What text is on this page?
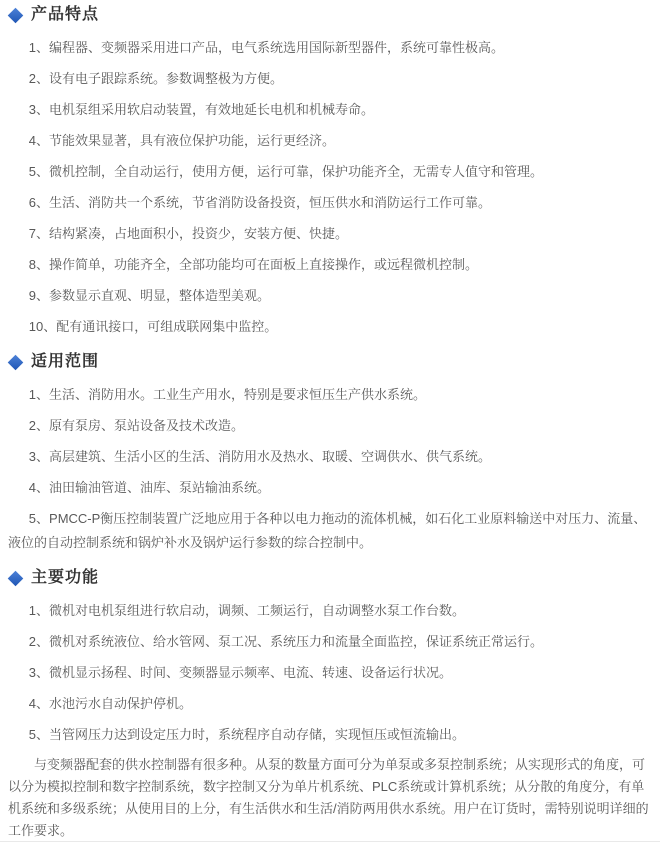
产品特点

1、编程器、变频器采用进口产品，电气系统选用国际新型器件，系统可靠性极高。

2、设有电子跟踪系统。参数调整极为方便。

3、电机泵组采用软启动装置，有效地延长电机和机械寿命。

4、节能效果显著，具有液位保护功能，运行更经济。

5、微机控制，全自动运行，使用方便，运行可靠，保护功能齐全，无需专人值守和管理。

6、生活、消防共一个系统，节省消防设备投资，恒压供水和消防运行工作可靠。

7、结构紧凑，占地面积小，投资少，安装方便、快捷。

8、操作简单，功能齐全，全部功能均可在面板上直接操作，或远程微机控制。

9、参数显示直观、明显，整体造型美观。

10、配有通讯接口，可组成联网集中监控。

适用范围

1、生活、消防用水。工业生产用水，特别是要求恒压生产供水系统。

2、原有泵房、泵站设备及技术改造。

3、高层建筑、生活小区的生活、消防用水及热水、取暖、空调供水、供气系统。

4、油田输油管道、油库、泵站输油系统。

5、PMCC-P衡压控制装置广泛地应用于各种以电力拖动的流体机械，如石化工业原料输送中对压力、流量、液位的自动控制系统和锅炉补水及锅炉运行参数的综合控制中。

主要功能

1、微机对电机泵组进行软启动，调频、工频运行，自动调整水泵工作台数。

2、微机对系统液位、给水管网、泵工况、系统压力和流量全面监控，保证系统正常运行。

3、微机显示扬程、时间、变频器显示频率、电流、转速、设备运行状况。

4、水池污水自动保护停机。

5、当管网压力达到设定压力时，系统程序自动存储，实现恒压或恒流输出。

与变频器配套的供水控制器有很多种。从泵的数量方面可分为单泵或多泵控制系统；从实现形式的角度，可以分为模拟控制和数字控制系统，数字控制又分为单片机系统、PLC系统或计算机系统；从分散的角度分，有单机系统和多级系统；从使用目的上分，有生活供水和生活/消防两用供水系统。用户在订货时，需特别说明详细的工作要求。
